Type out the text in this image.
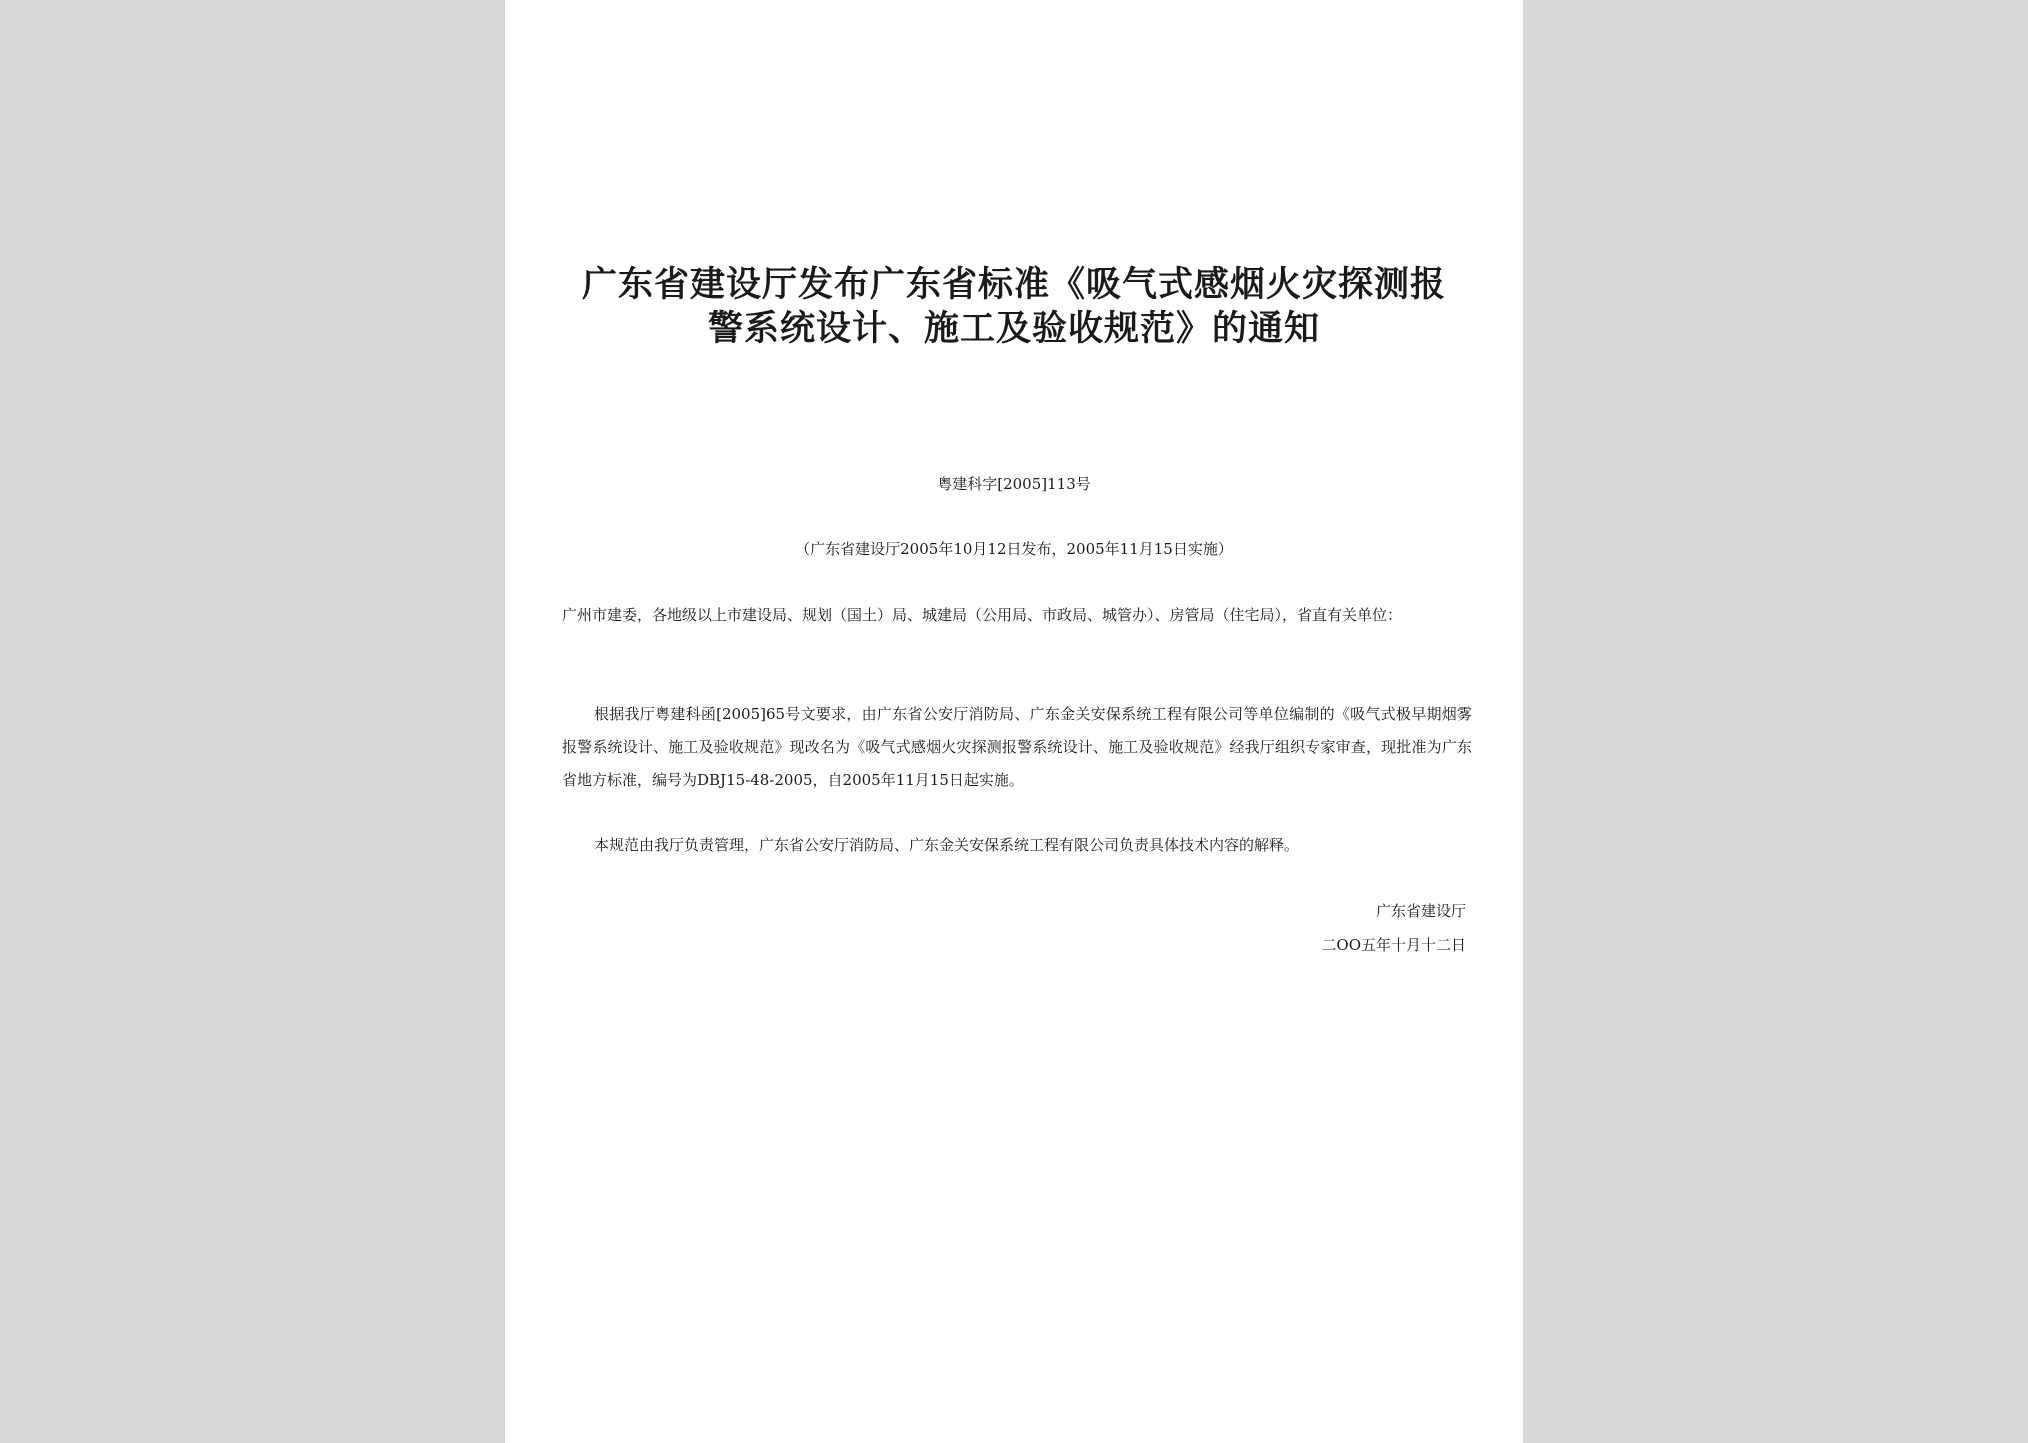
广东省建设厅发布广东省标准《吸气式感烟火灾探测报
警系统设计、施工及验收规范》的通知
粤建科字[2005]113号
（广东省建设厅2005年10月12日发布，2005年11月15日实施）
广州市建委，各地级以上市建设局、规划（国土）局、城建局（公用局、市政局、城管办）、房管局（住宅局），省直有关单位：
根据我厅粤建科函[2005]65号文要求，由广东省公安厅消防局、广东金关安保系统工程有限公司等单位编制的《吸气式极早期烟雾报警系统设计、施工及验收规范》现改名为《吸气式感烟火灾探测报警系统设计、施工及验收规范》经我厅组织专家审查，现批准为广东省地方标准，编号为DBJ15-48-2005，自2005年11月15日起实施。
本规范由我厅负责管理，广东省公安厅消防局、广东金关安保系统工程有限公司负责具体技术内容的解释。
广东省建设厅
二OO五年十月十二日
